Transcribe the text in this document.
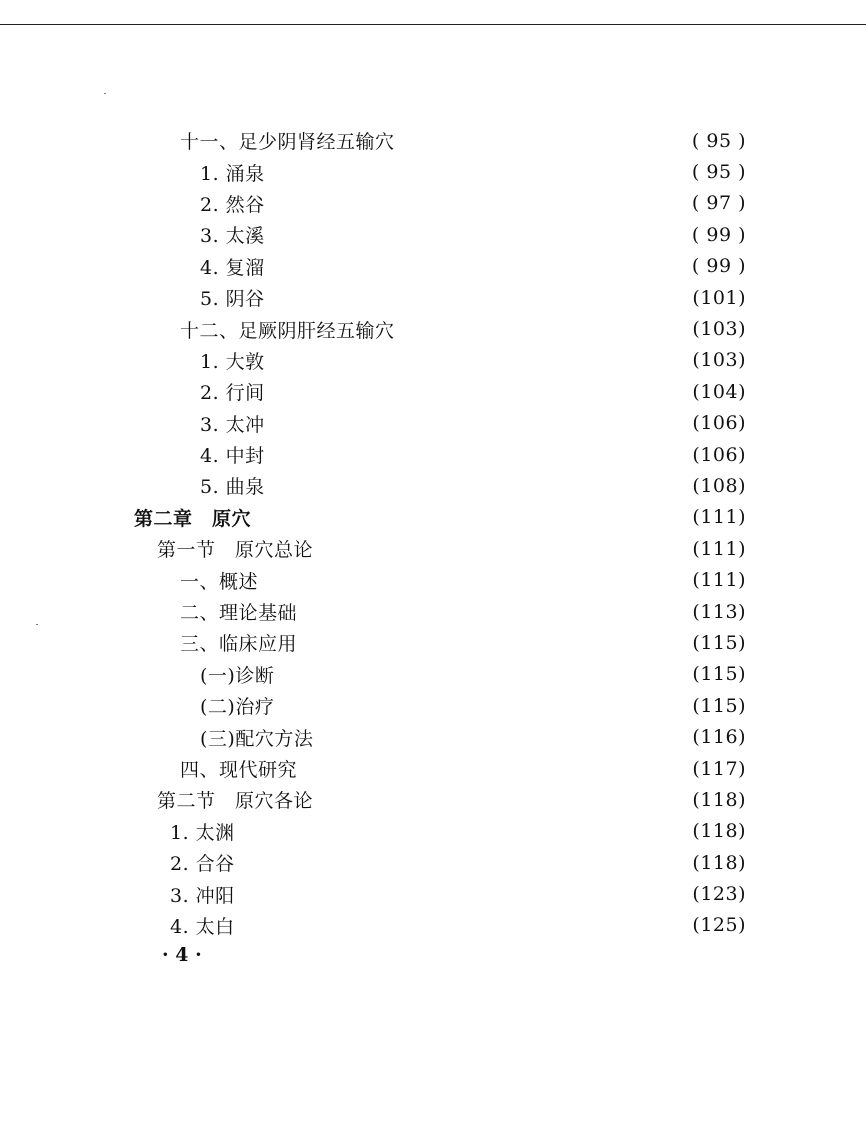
十一、足少阴肾经五输穴	( 95 )
1. 涌泉	( 95 )
2. 然谷	( 97 )
3. 太溪	( 99 )
4. 复溜	( 99 )
5. 阴谷	(101)
十二、足厥阴肝经五输穴	(103)
1. 大敦	(103)
2. 行间	(104)
3. 太冲	(106)
4. 中封	(106)
5. 曲泉	(108)
第二章　原穴	(111)
第一节　原穴总论	(111)
一、概述	(111)
二、理论基础	(113)
三、临床应用	(115)
(一)诊断	(115)
(二)治疗	(115)
(三)配穴方法	(116)
四、现代研究	(117)
第二节　原穴各论	(118)
1. 太渊	(118)
2. 合谷	(118)
3. 冲阳	(123)
4. 太白	(125)
· 4 ·
